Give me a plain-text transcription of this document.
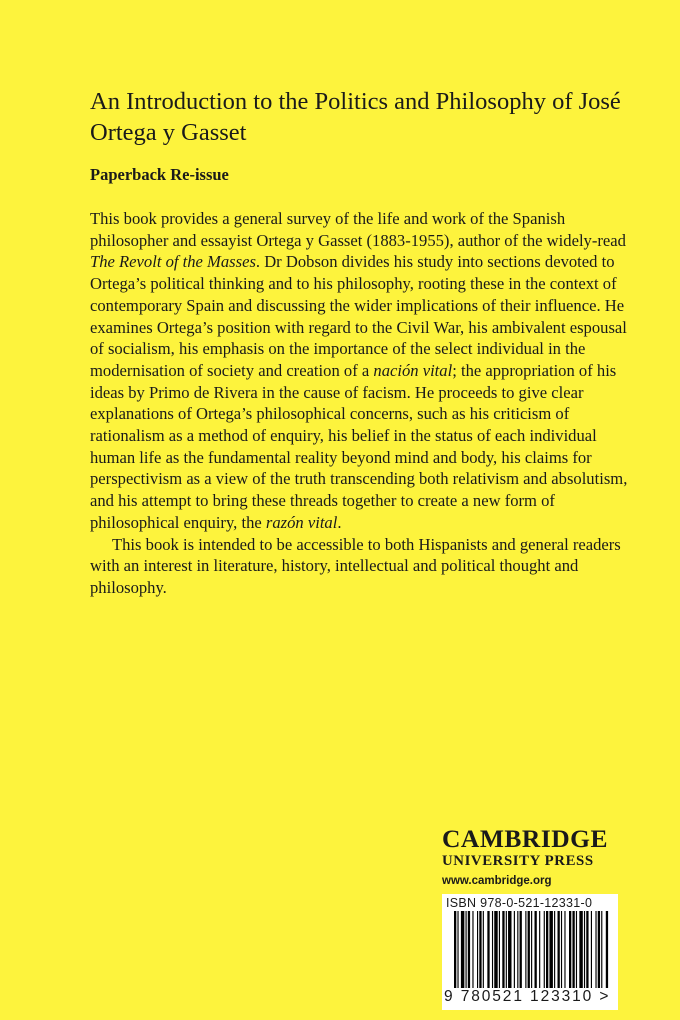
An Introduction to the Politics and Philosophy of José Ortega y Gasset
Paperback Re-issue

This book provides a general survey of the life and work of the Spanish philosopher and essayist Ortega y Gasset (1883-1955), author of the widely-read The Revolt of the Masses. Dr Dobson divides his study into sections devoted to Ortega’s political thinking and to his philosophy, rooting these in the context of contemporary Spain and discussing the wider implications of their influence. He examines Ortega’s position with regard to the Civil War, his ambivalent espousal of socialism, his emphasis on the importance of the select individual in the modernisation of society and creation of a nación vital; the appropriation of his ideas by Primo de Rivera in the cause of facism. He proceeds to give clear explanations of Ortega’s philosophical concerns, such as his criticism of rationalism as a method of enquiry, his belief in the status of each individual human life as the fundamental reality beyond mind and body, his claims for perspectivism as a view of the truth transcending both relativism and absolutism, and his attempt to bring these threads together to create a new form of philosophical enquiry, the razón vital.

This book is intended to be accessible to both Hispanists and general readers with an interest in literature, history, intellectual and political thought and philosophy.

CAMBRIDGE
UNIVERSITY PRESS
www.cambridge.org
ISBN 978-0-521-12331-0
9 780521 123310 >
